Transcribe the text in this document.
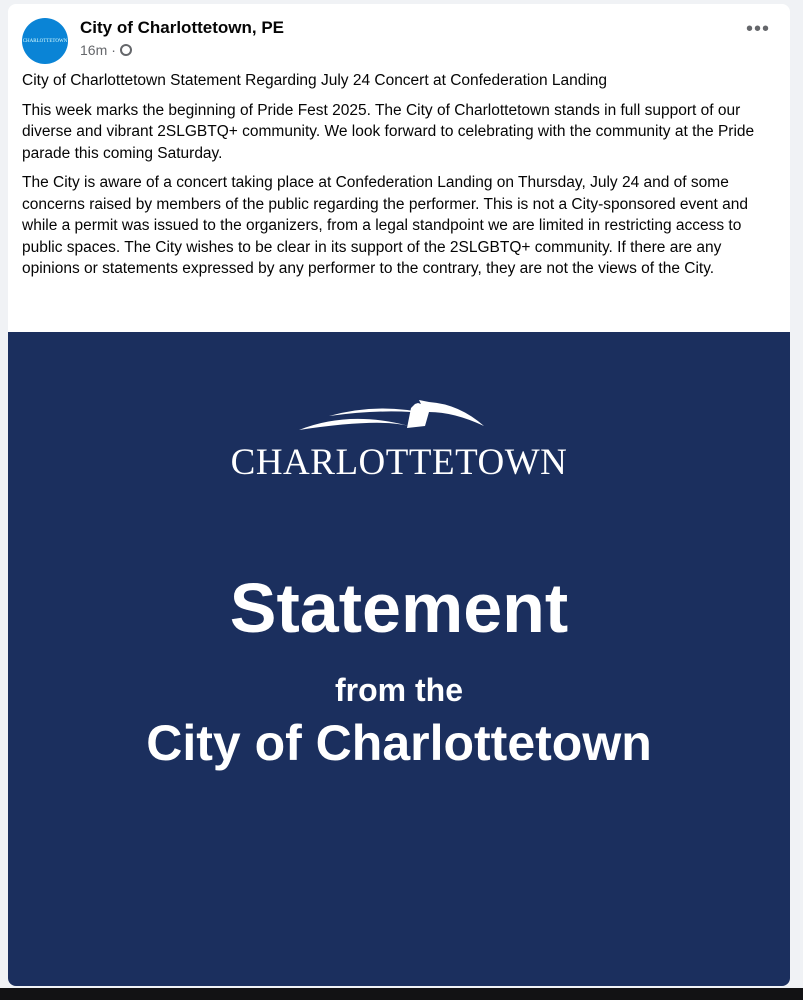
CHARLOTTETOWN
City of Charlottetown, PE
16m ·
•••

City of Charlottetown Statement Regarding July 24 Concert at Confederation Landing

This week marks the beginning of Pride Fest 2025. The City of Charlottetown stands in full support of our diverse and vibrant 2SLGBTQ+ community. We look forward to celebrating with the community at the Pride parade this coming Saturday.

The City is aware of a concert taking place at Confederation Landing on Thursday, July 24 and of some concerns raised by members of the public regarding the performer. This is not a City-sponsored event and while a permit was issued to the organizers, from a legal standpoint we are limited in restricting access to public spaces. The City wishes to be clear in its support of the 2SLGBTQ+ community. If there are any opinions or statements expressed by any performer to the contrary, they are not the views of the City.

CHARLOTTETOWN
Statement
from the
City of Charlottetown
